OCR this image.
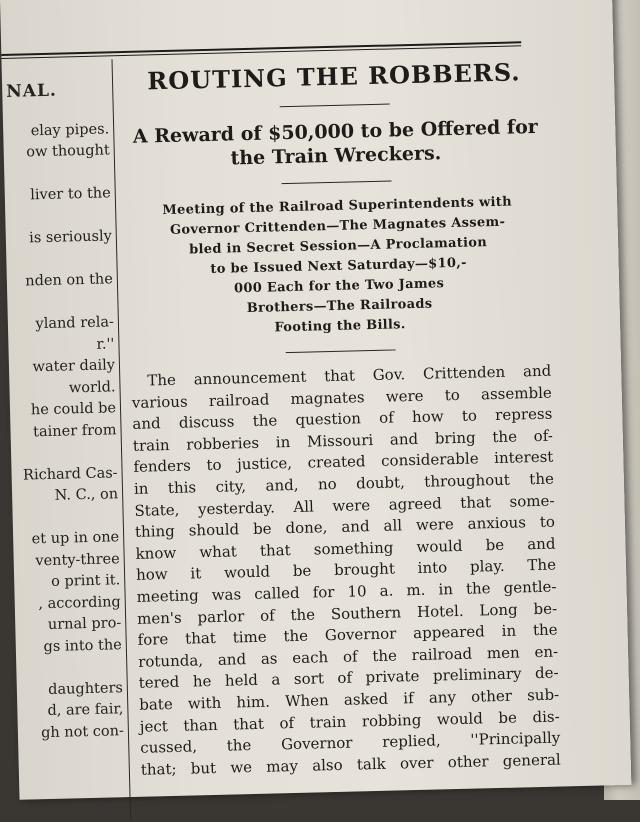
NAL.
elay pipes.
ow thought

liver to the

is seriously

nden on the

yland rela-
r.''
water daily
world.
he could be
tainer from

Richard Cas-
N. C., on

et up in one
venty-three
o print it.
, according
urnal pro-
gs into the

daughters
d, are fair,
gh not con-
ROUTING THE ROBBERS.
A Reward of $50,000 to be Offered for
the Train Wreckers.
Meeting of the Railroad Superintendents with
Governor Crittenden—The Magnates Assem-
bled in Secret Session—A Proclamation
to be Issued Next Saturday—$10,-
000 Each for the Two James
Brothers—The Railroads
Footing the Bills.
The announcement that Gov. Crittenden and
various railroad magnates were to assemble
and discuss the question of how to repress
train robberies in Missouri and bring the of-
fenders to justice, created considerable interest
in this city, and, no doubt, throughout the
State, yesterday. All were agreed that some-
thing should be done, and all were anxious to
know what that something would be and
how it would be brought into play. The
meeting was called for 10 a. m. in the gentle-
men's parlor of the Southern Hotel. Long be-
fore that time the Governor appeared in the
rotunda, and as each of the railroad men en-
tered he held a sort of private preliminary de-
bate with him. When asked if any other sub-
ject than that of train robbing would be dis-
cussed, the Governor replied, ''Principally
that; but we may also talk over other general
